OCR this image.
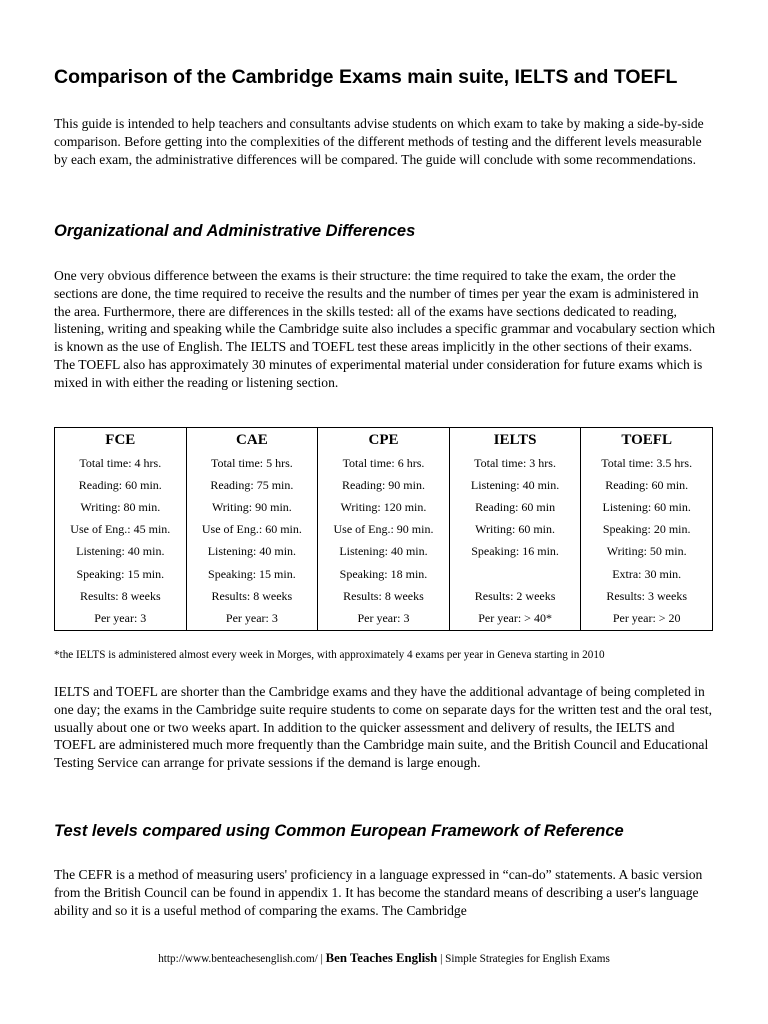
Comparison of the Cambridge Exams main suite, IELTS and TOEFL

This guide is intended to help teachers and consultants advise students on which exam to take by making a side-by-side comparison. Before getting into the complexities of the different methods of testing and the different levels measurable by each exam, the administrative differences will be compared. The guide will conclude with some recommendations.

Organizational and Administrative Differences

One very obvious difference between the exams is their structure: the time required to take the exam, the order the sections are done, the time required to receive the results and the number of times per year the exam is administered in the area. Furthermore, there are differences in the skills tested: all of the exams have sections dedicated to reading, listening, writing and speaking while the Cambridge suite also includes a specific grammar and vocabulary section which is known as the use of English. The IELTS and TOEFL test these areas implicitly in the other sections of their exams. The TOEFL also has approximately 30 minutes of experimental material under consideration for future exams which is mixed in with either the reading or listening section.

FCE	CAE	CPE	IELTS	TOEFL
Total time: 4 hrs.	Total time: 5 hrs.	Total time: 6 hrs.	Total time: 3 hrs.	Total time: 3.5 hrs.
Reading: 60 min.	Reading: 75 min.	Reading: 90 min.	Listening: 40 min.	Reading: 60 min.
Writing: 80 min.	Writing: 90 min.	Writing: 120 min.	Reading: 60 min	Listening: 60 min.
Use of Eng.: 45 min.	Use of Eng.: 60 min.	Use of Eng.: 90 min.	Writing: 60 min.	Speaking: 20 min.
Listening: 40 min.	Listening: 40 min.	Listening: 40 min.	Speaking: 16 min.	Writing: 50 min.
Speaking: 15 min.	Speaking: 15 min.	Speaking: 18 min.		Extra: 30 min.
Results: 8 weeks	Results: 8 weeks	Results: 8 weeks	Results: 2 weeks	Results: 3 weeks
Per year: 3	Per year: 3	Per year: 3	Per year: > 40*	Per year: > 20

*the IELTS is administered almost every week in Morges, with approximately 4 exams per year in Geneva starting in 2010

IELTS and TOEFL are shorter than the Cambridge exams and they have the additional advantage of being completed in one day; the exams in the Cambridge suite require students to come on separate days for the written test and the oral test, usually about one or two weeks apart. In addition to the quicker assessment and delivery of results, the IELTS and TOEFL are administered much more frequently than the Cambridge main suite, and the British Council and Educational Testing Service can arrange for private sessions if the demand is large enough.

Test levels compared using Common European Framework of Reference

The CEFR is a method of measuring users' proficiency in a language expressed in “can-do” statements. A basic version from the British Council can be found in appendix 1. It has become the standard means of describing a user's language ability and so it is a useful method of comparing the exams. The Cambridge

http://www.benteachesenglish.com/ | Ben Teaches English | Simple Strategies for English Exams
